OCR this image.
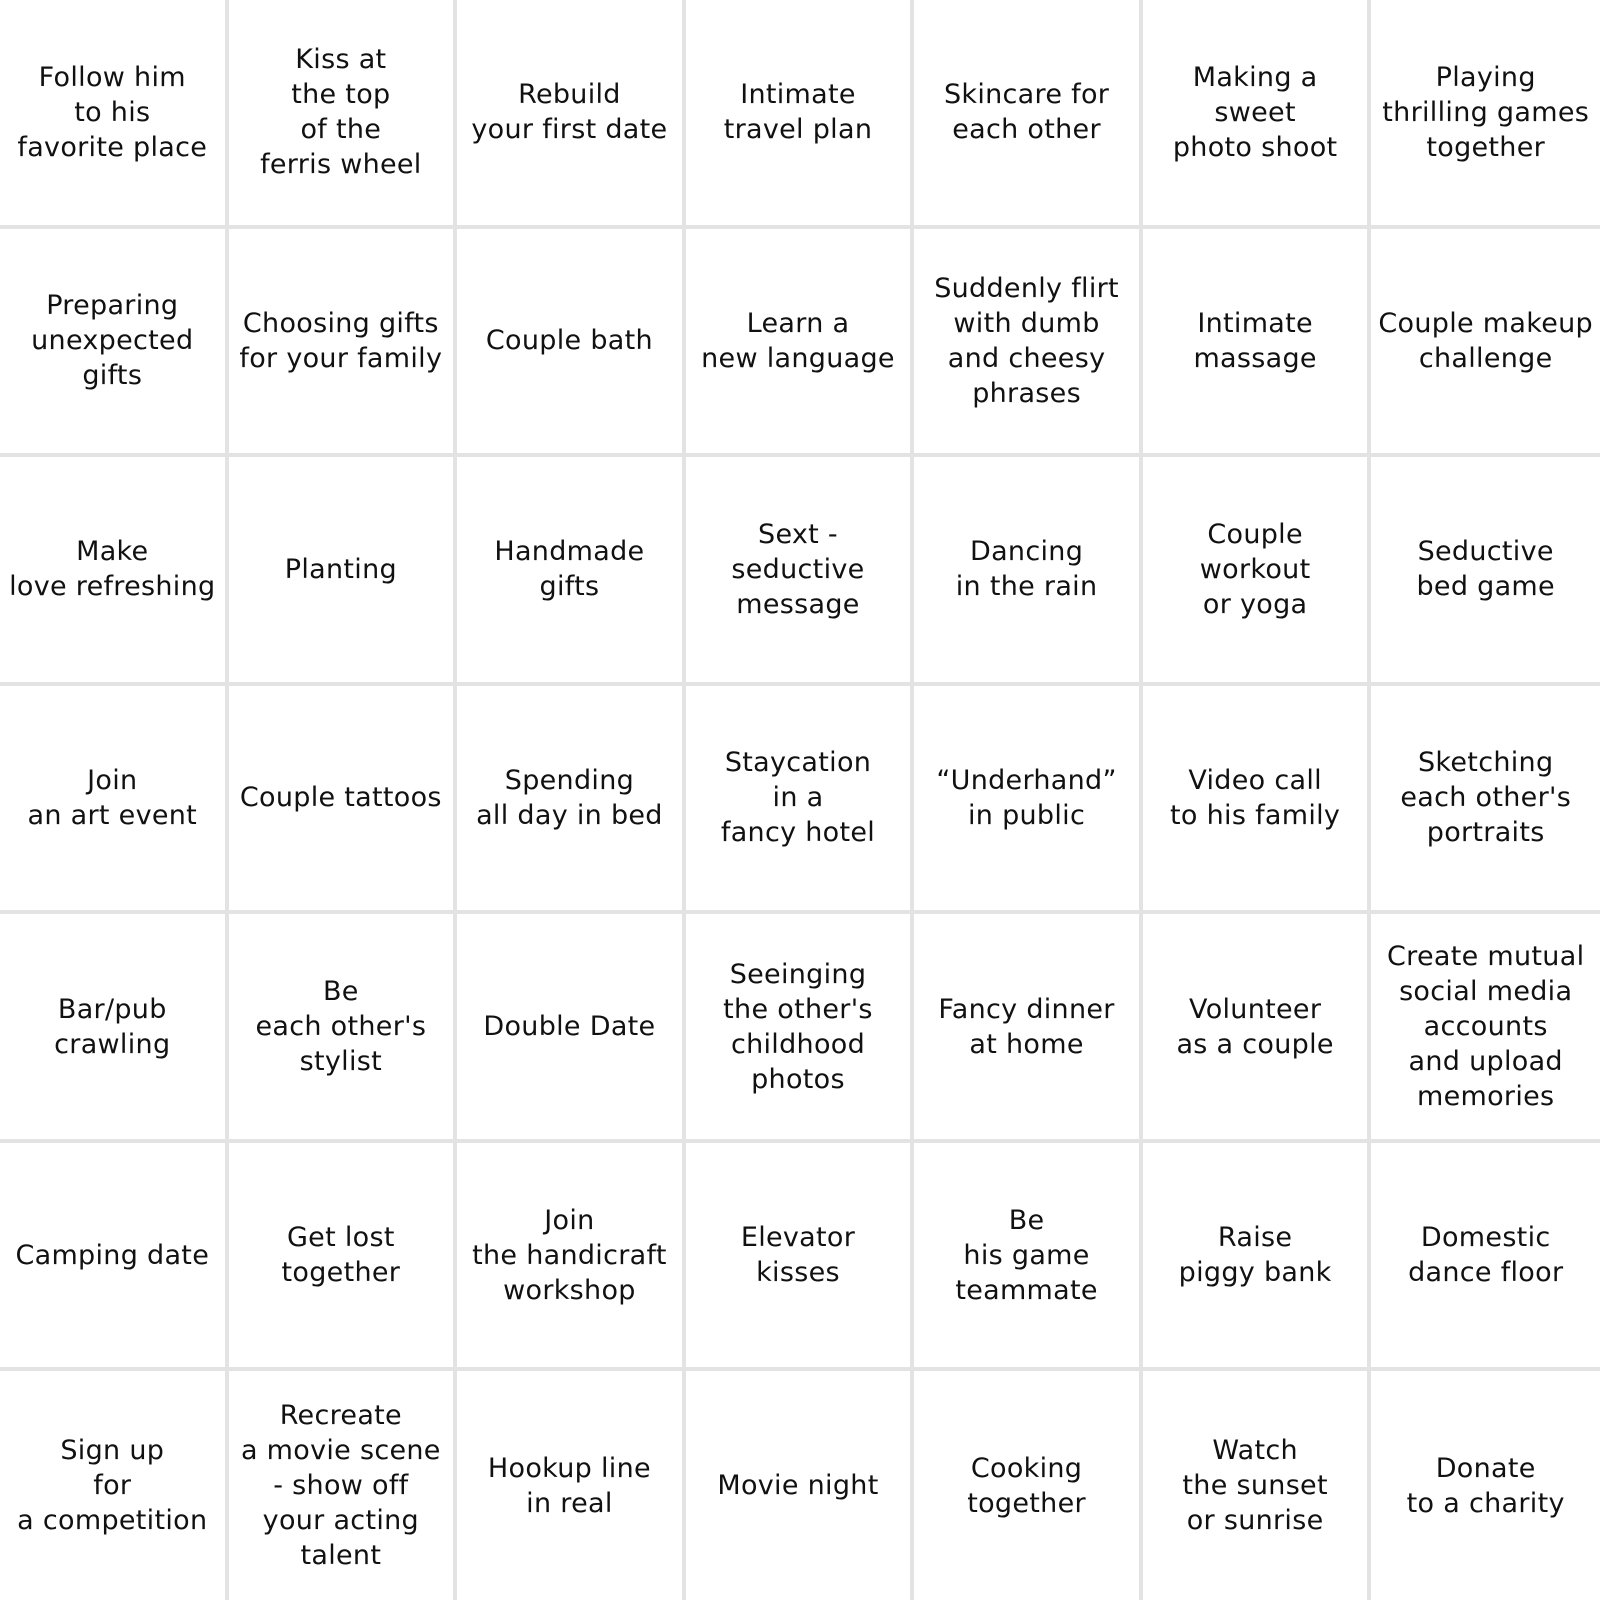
Follow him
to his
favorite place
Kiss at
the top
of the
ferris wheel
Rebuild
your first date
Intimate
travel plan
Skincare for
each other
Making a
sweet
photo shoot
Playing
thrilling games
together
Preparing
unexpected
gifts
Choosing gifts
for your family
Couple bath
Learn a
new language
Suddenly flirt
with dumb
and cheesy
phrases
Intimate
massage
Couple makeup
challenge
Make
love refreshing
Planting
Handmade
gifts
Sext -
seductive
message
Dancing
in the rain
Couple
workout
or yoga
Seductive
bed game
Join
an art event
Couple tattoos
Spending
all day in bed
Staycation
in a
fancy hotel
“Underhand”
in public
Video call
to his family
Sketching
each other's
portraits
Bar/pub
crawling
Be
each other's
stylist
Double Date
Seeinging
the other's
childhood
photos
Fancy dinner
at home
Volunteer
as a couple
Create mutual
social media
accounts
and upload
memories
Camping date
Get lost
together
Join
the handicraft
workshop
Elevator
kisses
Be
his game
teammate
Raise
piggy bank
Domestic
dance floor
Sign up
for
a competition
Recreate
a movie scene
- show off
your acting
talent
Hookup line
in real
Movie night
Cooking
together
Watch
the sunset
or sunrise
Donate
to a charity
